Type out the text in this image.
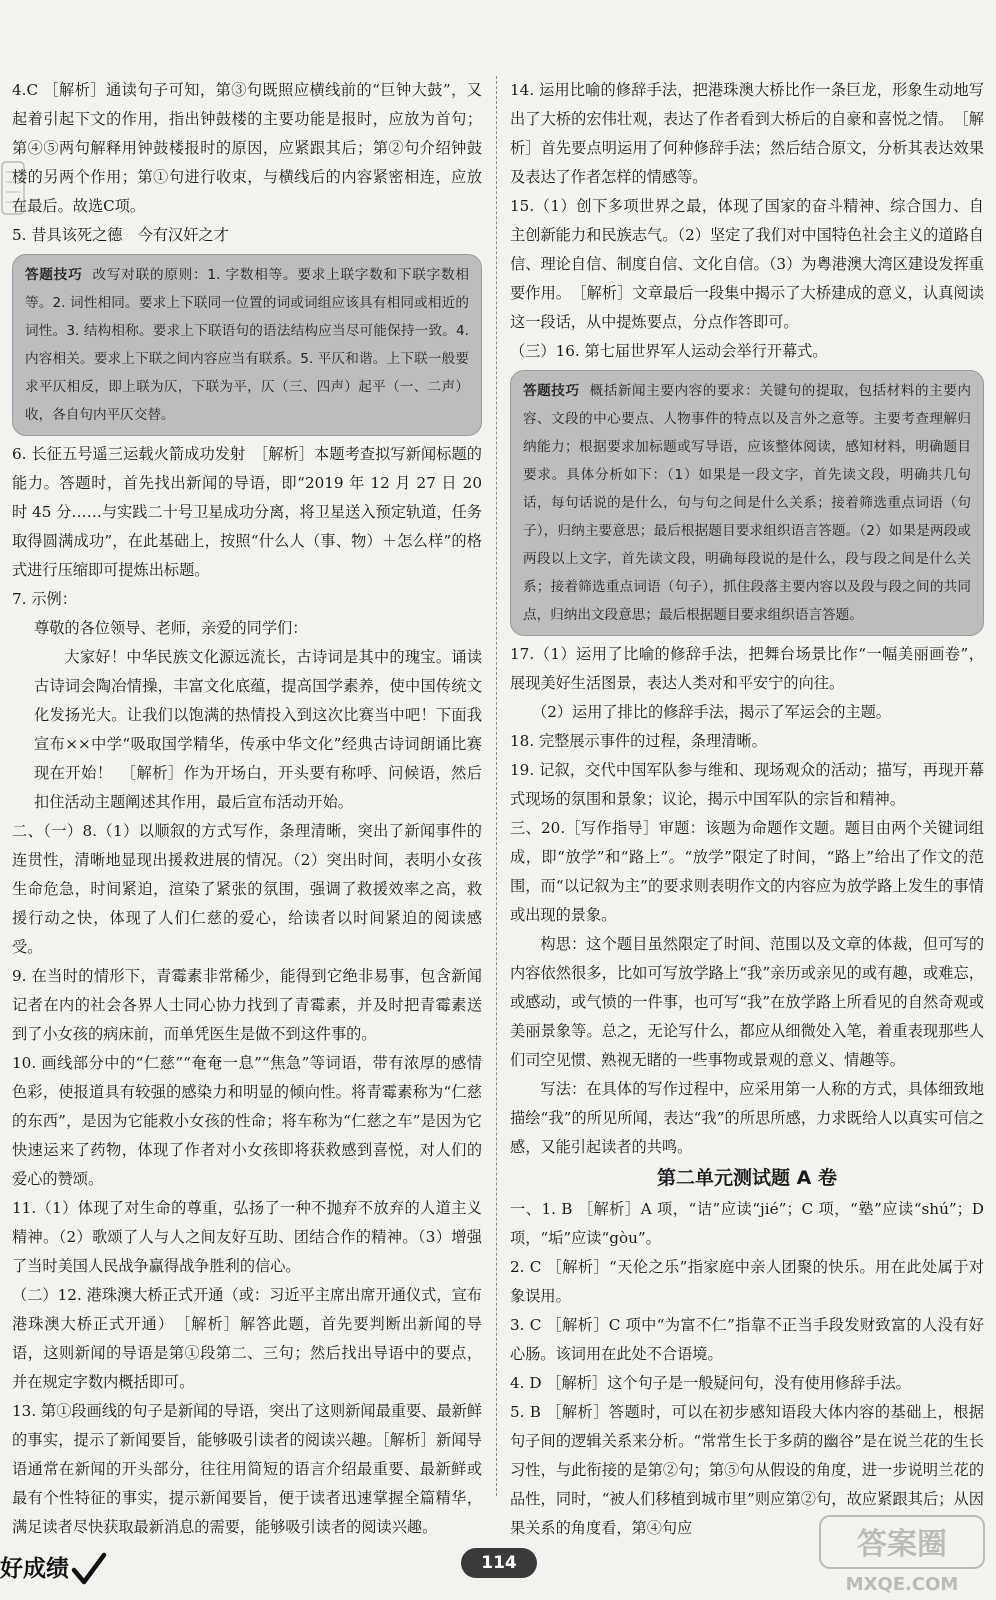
4.C ［解析］通读句子可知，第③句既照应横线前的“巨钟大鼓”，又起着引起下文的作用，指出钟鼓楼的主要功能是报时，应放为首句；第④⑤两句解释用钟鼓楼报时的原因，应紧跟其后；第②句介绍钟鼓楼的另两个作用；第①句进行收束，与横线后的内容紧密相连，应放在最后。故选C项。

5. 昔具该死之德　今有汉奸之才

答题技巧 改写对联的原则：1. 字数相等。要求上联字数和下联字数相等。2. 词性相同。要求上下联同一位置的词或词组应该具有相同或相近的词性。3. 结构相称。要求上下联语句的语法结构应当尽可能保持一致。4. 内容相关。要求上下联之间内容应当有联系。5. 平仄和谐。上下联一般要求平仄相反，即上联为仄，下联为平，仄（三、四声）起平（一、二声）收，各自句内平仄交替。

6. 长征五号遥三运载火箭成功发射　［解析］本题考查拟写新闻标题的能力。答题时，首先找出新闻的导语，即“2019 年 12 月 27 日 20 时 45 分……与实践二十号卫星成功分离，将卫星送入预定轨道，任务取得圆满成功”，在此基础上，按照“什么人（事、物）＋怎么样”的格式进行压缩即可提炼出标题。

7. 示例：

尊敬的各位领导、老师，亲爱的同学们：

大家好！中华民族文化源远流长，古诗词是其中的瑰宝。诵读古诗词会陶冶情操，丰富文化底蕴，提高国学素养，使中国传统文化发扬光大。让我们以饱满的热情投入到这次比赛当中吧！下面我宣布××中学“吸取国学精华，传承中华文化”经典古诗词朗诵比赛现在开始！　［解析］作为开场白，开头要有称呼、问候语，然后扣住活动主题阐述其作用，最后宣布活动开始。

二、（一）8.（1）以顺叙的方式写作，条理清晰，突出了新闻事件的连贯性，清晰地显现出援救进展的情况。（2）突出时间，表明小女孩生命危急，时间紧迫，渲染了紧张的氛围，强调了救援效率之高，救援行动之快，体现了人们仁慈的爱心，给读者以时间紧迫的阅读感受。

9. 在当时的情形下，青霉素非常稀少，能得到它绝非易事，包含新闻记者在内的社会各界人士同心协力找到了青霉素，并及时把青霉素送到了小女孩的病床前，而单凭医生是做不到这件事的。

10. 画线部分中的“仁慈”“奄奄一息”“焦急”等词语，带有浓厚的感情色彩，使报道具有较强的感染力和明显的倾向性。将青霉素称为“仁慈的东西”，是因为它能救小女孩的性命；将车称为“仁慈之车”是因为它快速运来了药物，体现了作者对小女孩即将获救感到喜悦，对人们的爱心的赞颂。

11.（1）体现了对生命的尊重，弘扬了一种不抛弃不放弃的人道主义精神。（2）歌颂了人与人之间友好互助、团结合作的精神。（3）增强了当时美国人民战争赢得战争胜利的信心。

（二）12. 港珠澳大桥正式开通（或：习近平主席出席开通仪式，宣布港珠澳大桥正式开通）　［解析］解答此题，首先要判断出新闻的导语，这则新闻的导语是第①段第二、三句；然后找出导语中的要点，并在规定字数内概括即可。

13. 第①段画线的句子是新闻的导语，突出了这则新闻最重要、最新鲜的事实，提示了新闻要旨，能够吸引读者的阅读兴趣。［解析］新闻导语通常在新闻的开头部分，往往用简短的语言介绍最重要、最新鲜或最有个性特征的事实，提示新闻要旨，便于读者迅速掌握全篇精华，满足读者尽快获取最新消息的需要，能够吸引读者的阅读兴趣。

14. 运用比喻的修辞手法，把港珠澳大桥比作一条巨龙，形象生动地写出了大桥的宏伟壮观，表达了作者看到大桥后的自豪和喜悦之情。　［解析］首先要点明运用了何种修辞手法；然后结合原文，分析其表达效果及表达了作者怎样的情感等。

15.（1）创下多项世界之最，体现了国家的奋斗精神、综合国力、自主创新能力和民族志气。（2）坚定了我们对中国特色社会主义的道路自信、理论自信、制度自信、文化自信。（3）为粤港澳大湾区建设发挥重要作用。　［解析］文章最后一段集中揭示了大桥建成的意义，认真阅读这一段话，从中提炼要点，分点作答即可。

（三）16. 第七届世界军人运动会举行开幕式。

答题技巧 概括新闻主要内容的要求：关键句的提取，包括材料的主要内容、文段的中心要点、人物事件的特点以及言外之意等。主要考查理解归纳能力；根据要求加标题或写导语，应该整体阅读，感知材料，明确题目要求。具体分析如下：（1）如果是一段文字，首先读文段，明确共几句话，每句话说的是什么，句与句之间是什么关系；接着筛选重点词语（句子），归纳主要意思；最后根据题目要求组织语言答题。（2）如果是两段或两段以上文字，首先读文段，明确每段说的是什么，段与段之间是什么关系；接着筛选重点词语（句子），抓住段落主要内容以及段与段之间的共同点，归纳出文段意思；最后根据题目要求组织语言答题。

17.（1）运用了比喻的修辞手法，把舞台场景比作“一幅美丽画卷”，展现美好生活图景，表达人类对和平安宁的向往。

（2）运用了排比的修辞手法，揭示了军运会的主题。

18. 完整展示事件的过程，条理清晰。

19. 记叙，交代中国军队参与维和、现场观众的活动；描写，再现开幕式现场的氛围和景象；议论，揭示中国军队的宗旨和精神。

三、20.［写作指导］审题：该题为命题作文题。题目由两个关键词组成，即“放学”和“路上”。“放学”限定了时间，“路上”给出了作文的范围，而“以记叙为主”的要求则表明作文的内容应为放学路上发生的事情或出现的景象。

构思：这个题目虽然限定了时间、范围以及文章的体裁，但可写的内容依然很多，比如可写放学路上“我”亲历或亲见的或有趣，或难忘，或感动，或气愤的一件事，也可写“我”在放学路上所看见的自然奇观或美丽景象等。总之，无论写什么，都应从细微处入笔，着重表现那些人们司空见惯、熟视无睹的一些事物或景观的意义、情趣等。

写法：在具体的写作过程中，应采用第一人称的方式，具体细致地描绘“我”的所见所闻，表达“我”的所思所感，力求既给人以真实可信之感，又能引起读者的共鸣。

第二单元测试题 A 卷

一、1. B ［解析］A 项，“诘”应读“jié”；C 项，“塾”应读“shú”；D 项，“垢”应读“gòu”。

2. C ［解析］“天伦之乐”指家庭中亲人团聚的快乐。用在此处属于对象误用。

3. C ［解析］C 项中“为富不仁”指靠不正当手段发财致富的人没有好心肠。该词用在此处不合语境。

4. D ［解析］这个句子是一般疑问句，没有使用修辞手法。

5. B ［解析］答题时，可以在初步感知语段大体内容的基础上，根据句子间的逻辑关系来分析。“常常生长于多荫的幽谷”是在说兰花的生长习性，与此衔接的是第②句；第⑤句从假设的角度，进一步说明兰花的品性，同时，“被人们移植到城市里”则应第②句，故应紧跟其后；从因果关系的角度看，第④句应

好成绩	114
答案圈
MXQE.COM
